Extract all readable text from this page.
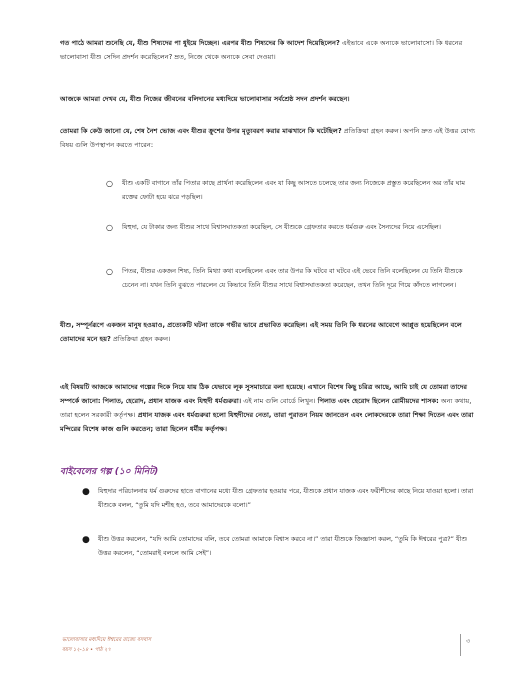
গত পাঠে আমরা শুনেছি যে, যীশু শিষ্যদের পা ধুইয়ে দিচ্ছেন। এরপর যীশু শিষ্যদের কি আদেশ দিয়েছিলেন? এইভাবে একে অন্যকে ভালোবাসো। কি ধরনের ভালোবাসা যীশু সেদিন প্রদর্শন করেছিলেন? ম্রত, নিজে থেকে অন্যকে সেবা দেওয়া।

আজকে আমরা দেখব যে, যীশু নিজের জীবনের বলিদানের মধ্যদিয়ে ভালোবাসার সর্বশ্রেষ্ঠ সদন প্রদর্শন করছেন।

তোমরা কি কেউ জানো যে, শেষ নৈশ ভোজ এবং যীশুর ক্রুশের উপর মৃত্যুবরণ করার মাঝখানে কি ঘটেছিল? প্রতিক্রিয়া গ্রহন করুন। অপনি দ্রুত এই উত্তর যোগ্য বিষয় গুলি উপস্থাপন করতে পারেন:

○ যীশু একটি বাগানে তাঁর পিতার কাছে প্রার্থনা করেছিলেন এবং যা কিছু আসতে চলেছে তার জন্য নিজেকে প্রস্তুত করেছিলেন অর তাঁর ঘাম রক্তের ফোটা হয়ে ঝরে পড়ছিল।

○ যিহুদা, যে টাকার জন্য যীশুর সাথে বিশ্বাসঘাতকতা করেছিল, সে যীশুকে গ্রেফতার করতে ধর্মগুরু এবং সৈন্যদের নিয়ে এসেছিল।

○ পিতর, যীশুর একজন শিষ্য, তিনি মিথ্যা কথা বলেছিলেন এবং তার উপর কি ঘটবে বা ঘটবে এই ভেবে তিনি বলেছিলেন যে তিনি যীশুকে চেনেন না। যখন তিনি বুঝতে পারলেন যে কিভাবে তিনি যীশুর সাথে বিশ্বাসঘাতকতা করেছেন, তখন তিনি দূরে গিয়ে কাঁদতে লাগলেন।

যীশু, সম্পূর্নরূপে একজন মানুষ হওয়াও, প্রত্যেকটি ঘটনা তাকে গভীর ভাবে প্রভাবিত করেছিল। এই সময় তিনি কি ধরনের আবেগে আপ্লুত হয়েছিলেন বলে তোমাদের মনে হয়? প্রতিক্রিয়া গ্রহন করুন।

এই বিষয়টি আজকে আমাদের গল্পের দিকে নিয়ে যায় ঠিক যেভাবে লূক সুসমাচারে বলা হয়েছে। এখানে বিশেষ কিছু চরিত্র আছে, আমি চাই যে তোমরা তাদের সম্পর্কে জানো: পিলাত, হেরোদ, প্রধান যাজক এবং যিহুদী ধর্মগুরুরা। এই নাম গুলি বোর্ডে লিখুন। পিলাত এবং হেরোদ ছিলেন রোমীয়দের শাসক: অন্য কথায়, তারা হলেন সরকারী কর্তৃপক্ষ। প্রধান যাজক এবং ধর্মগুরুরা হলো যিহুদীদের নেতা, তারা পুরাতন নিয়ম জানতেন এবং লোকদেরকে তারা শিক্ষা দিতেন এবং তারা মন্দিরের বিশেষ কাজ গুলি করতেন; তারা ছিলেন ধর্মীয় কর্তৃপক্ষ।

বাইবেলের গল্প (১০ মিনিট)
● যিহুদার পরিচালনায় ধর্ম গুরুদের হাতে বাগানের মধ্যে যীশু গ্রেফতার হওয়ার পরে, যীশুকে প্রধান যাজক এবং ফরীশীদের কাছে নিয়ে যাওয়া হলো। তারা যীশুকে বলল, “তুমি যদি মশীহ হও, তবে আমাদেরকে বলো।”

● যীশু উত্তর করলেন, “যদি আমি তোমাদের বলি, তবে তোমরা আমাকে বিশ্বাস করবে না।” তারা যীশুকে জিজ্ঞাসা করল, “তুমি কি ঈশ্বরের পুত্র?” যীশু উত্তর করলেন, “তোমরাই বললে আমি সেই”।

ভালোবাসার মধ্যদিয়ে ঈশ্বরের রাজ্যে বসবাস
বয়স ১২-১৪ • পাঠ ২৭
৩
